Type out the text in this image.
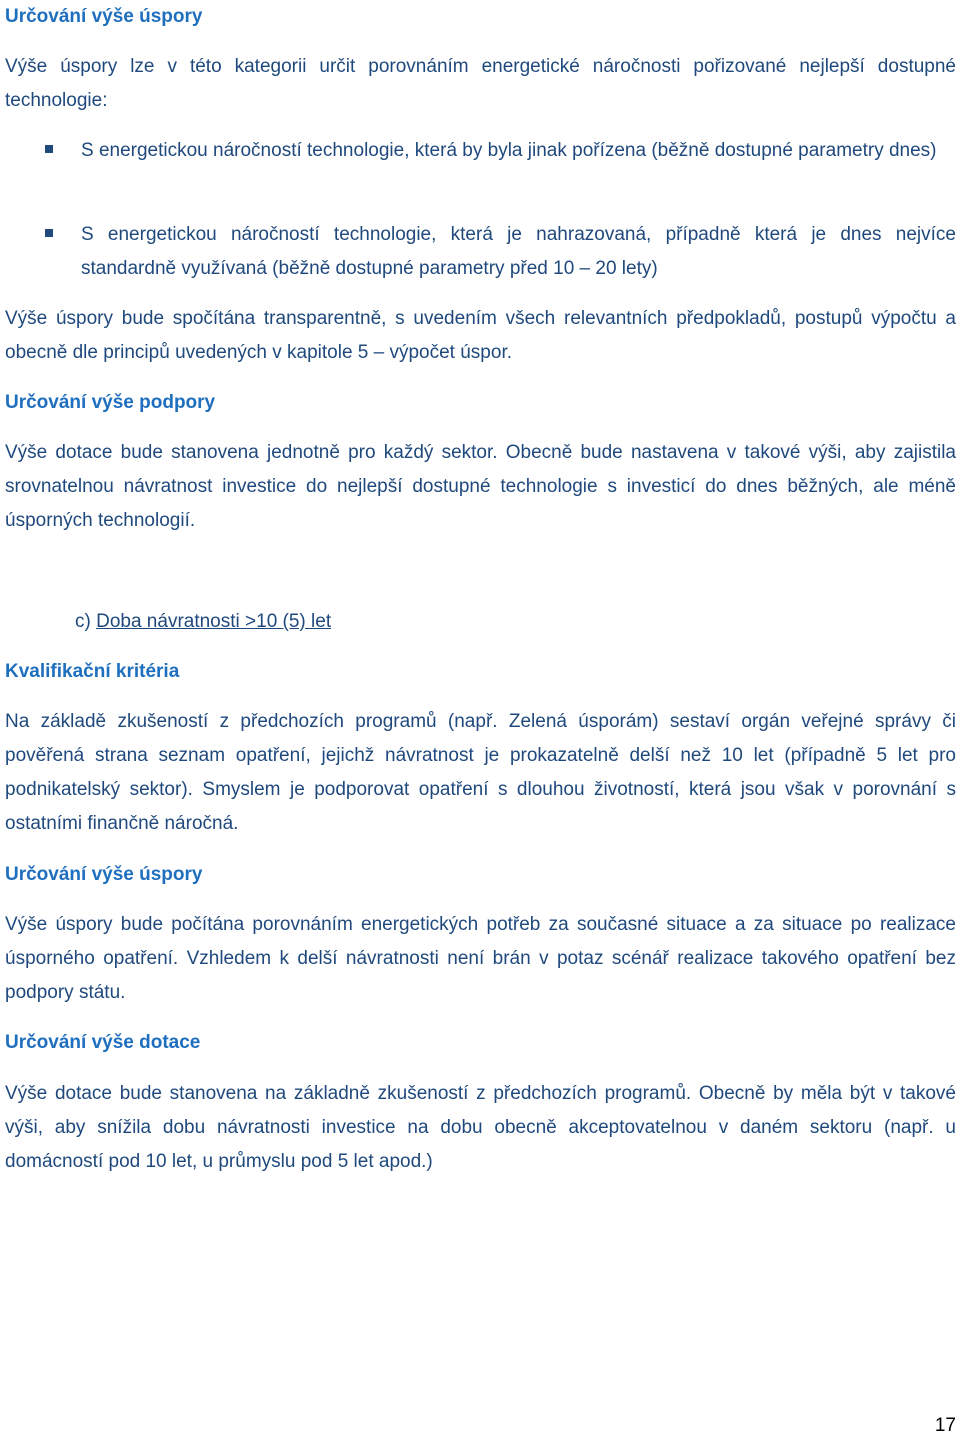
Určování výše úspory

Výše úspory lze v této kategorii určit porovnáním energetické náročnosti pořizované nejlepší dostupné technologie:

S energetickou náročností technologie, která by byla jinak pořízena (běžně dostupné parametry dnes)

S energetickou náročností technologie, která je nahrazovaná, případně která je dnes nejvíce standardně využívaná (běžně dostupné parametry před 10 – 20 lety)

Výše úspory bude spočítána transparentně, s uvedením všech relevantních předpokladů, postupů výpočtu a obecně dle principů uvedených v kapitole 5 – výpočet úspor.

Určování výše podpory

Výše dotace bude stanovena jednotně pro každý sektor. Obecně bude nastavena v takové výši, aby zajistila srovnatelnou návratnost investice do nejlepší dostupné technologie s investicí do dnes běžných, ale méně úsporných technologií.

c) Doba návratnosti >10 (5) let

Kvalifikační kritéria

Na základě zkušeností z předchozích programů (např. Zelená úsporám) sestaví orgán veřejné správy či pověřená strana seznam opatření, jejichž návratnost je prokazatelně delší než 10 let (případně 5 let pro podnikatelský sektor). Smyslem je podporovat opatření s dlouhou životností, která jsou však v porovnání s ostatními finančně náročná.

Určování výše úspory

Výše úspory bude počítána porovnáním energetických potřeb za současné situace a za situace po realizace úsporného opatření. Vzhledem k delší návratnosti není brán v potaz scénář realizace takového opatření bez podpory státu.

Určování výše dotace

Výše dotace bude stanovena na základně zkušeností z předchozích programů. Obecně by měla být v takové výši, aby snížila dobu návratnosti investice na dobu obecně akceptovatelnou v daném sektoru (např. u domácností pod 10 let, u průmyslu pod 5 let apod.)

17
